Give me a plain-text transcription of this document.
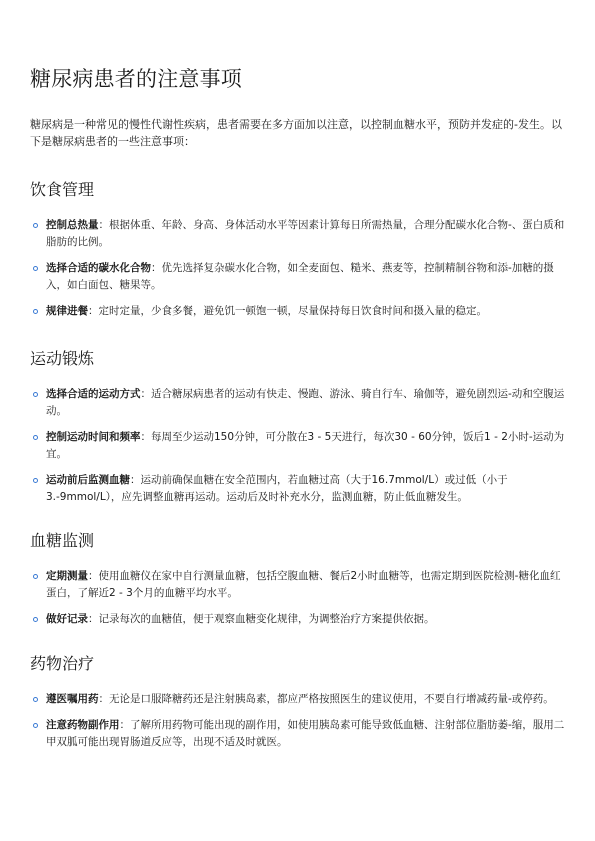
糖尿病患者的注意事项

糖尿病是一种常见的慢性代谢性疾病，患者需要在多方面加以注意，以控制血糖水平，预防并发症的-发生。以下是糖尿病患者的一些注意事项：

饮食管理
控制总热量：根据体重、年龄、身高、身体活动水平等因素计算每日所需热量，合理分配碳水化合物-、蛋白质和脂肪的比例。
选择合适的碳水化合物：优先选择复杂碳水化合物，如全麦面包、糙米、燕麦等，控制精制谷物和添-加糖的摄入，如白面包、糖果等。
规律进餐：定时定量，少食多餐，避免饥一顿饱一顿，尽量保持每日饮食时间和摄入量的稳定。
运动锻炼
选择合适的运动方式：适合糖尿病患者的运动有快走、慢跑、游泳、骑自行车、瑜伽等，避免剧烈运-动和空腹运动。
控制运动时间和频率：每周至少运动150分钟，可分散在3 - 5天进行，每次30 - 60分钟，饭后1 - 2小时-运动为宜。
运动前后监测血糖：运动前确保血糖在安全范围内，若血糖过高（大于16.7mmol/L）或过低（小于3.-9mmol/L），应先调整血糖再运动。运动后及时补充水分，监测血糖，防止低血糖发生。
血糖监测
定期测量：使用血糖仪在家中自行测量血糖，包括空腹血糖、餐后2小时血糖等，也需定期到医院检测-糖化血红蛋白，了解近2 - 3个月的血糖平均水平。
做好记录：记录每次的血糖值，便于观察血糖变化规律，为调整治疗方案提供依据。
药物治疗
遵医嘱用药：无论是口服降糖药还是注射胰岛素，都应严格按照医生的建议使用，不要自行增减药量-或停药。
注意药物副作用：了解所用药物可能出现的副作用，如使用胰岛素可能导致低血糖、注射部位脂肪萎-缩，服用二甲双胍可能出现胃肠道反应等，出现不适及时就医。
